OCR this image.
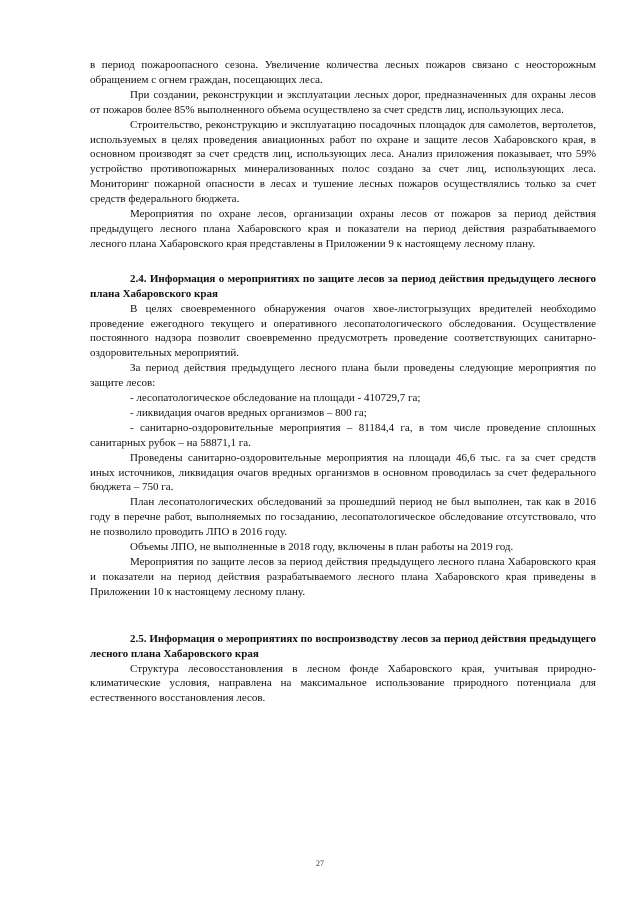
в период пожароопасного сезона. Увеличение количества лесных пожаров связано с неосторожным обращением с огнем граждан, посещающих леса.

При создании, реконструкции и эксплуатации лесных дорог, предназначенных для охраны лесов от пожаров более 85% выполненного объема осуществлено за счет средств лиц, использующих леса.

Строительство, реконструкцию и эксплуатацию посадочных площадок для самолетов, вертолетов, используемых в целях проведения авиационных работ по охране и защите лесов Хабаровского края, в основном производят за счет средств лиц, использующих леса. Анализ приложения показывает, что 59% устройство противопожарных минерализованных полос создано за счет лиц, использующих леса. Мониторинг пожарной опасности в лесах и тушение лесных пожаров осуществлялись только за счет средств федерального бюджета.

Мероприятия по охране лесов, организации охраны лесов от пожаров за период действия предыдущего лесного плана Хабаровского края и показатели на период действия разрабатываемого лесного плана Хабаровского края представлены в Приложении 9 к настоящему лесному плану.

2.4. Информация о мероприятиях по защите лесов за период действия предыдущего лесного плана Хабаровского края

В целях своевременного обнаружения очагов хвое-листогрызущих вредителей необходимо проведение ежегодного текущего и оперативного лесопатологического обследования. Осуществление постоянного надзора позволит своевременно предусмотреть проведение соответствующих санитарно-оздоровительных мероприятий.

За период действия предыдущего лесного плана были проведены следующие мероприятия по защите лесов:

- лесопатологическое обследование на площади - 410729,7 га;

- ликвидация очагов вредных организмов – 800 га;

- санитарно-оздоровительные мероприятия – 81184,4 га, в том числе проведение сплошных санитарных рубок – на 58871,1 га.

Проведены санитарно-оздоровительные мероприятия на площади 46,6 тыс. га за счет средств иных источников, ликвидация очагов вредных организмов в основном проводилась за счет федерального бюджета – 750 га.

План лесопатологических обследований за прошедший период не был выполнен, так как в 2016 году в перечне работ, выполняемых по госзаданию, лесопатологическое обследование отсутствовало, что не позволило проводить ЛПО в 2016 году.

Объемы ЛПО, не выполненные в 2018 году, включены в план работы на 2019 год.

Мероприятия по защите лесов за период действия предыдущего лесного плана Хабаровского края и показатели на период действия разрабатываемого лесного плана Хабаровского края приведены в Приложении 10 к настоящему лесному плану.

2.5. Информация о мероприятиях по воспроизводству лесов за период действия предыдущего лесного плана Хабаровского края

Структура лесовосстановления в лесном фонде Хабаровского края, учитывая природно-климатические условия, направлена на максимальное использование природного потенциала для естественного восстановления лесов.

27
